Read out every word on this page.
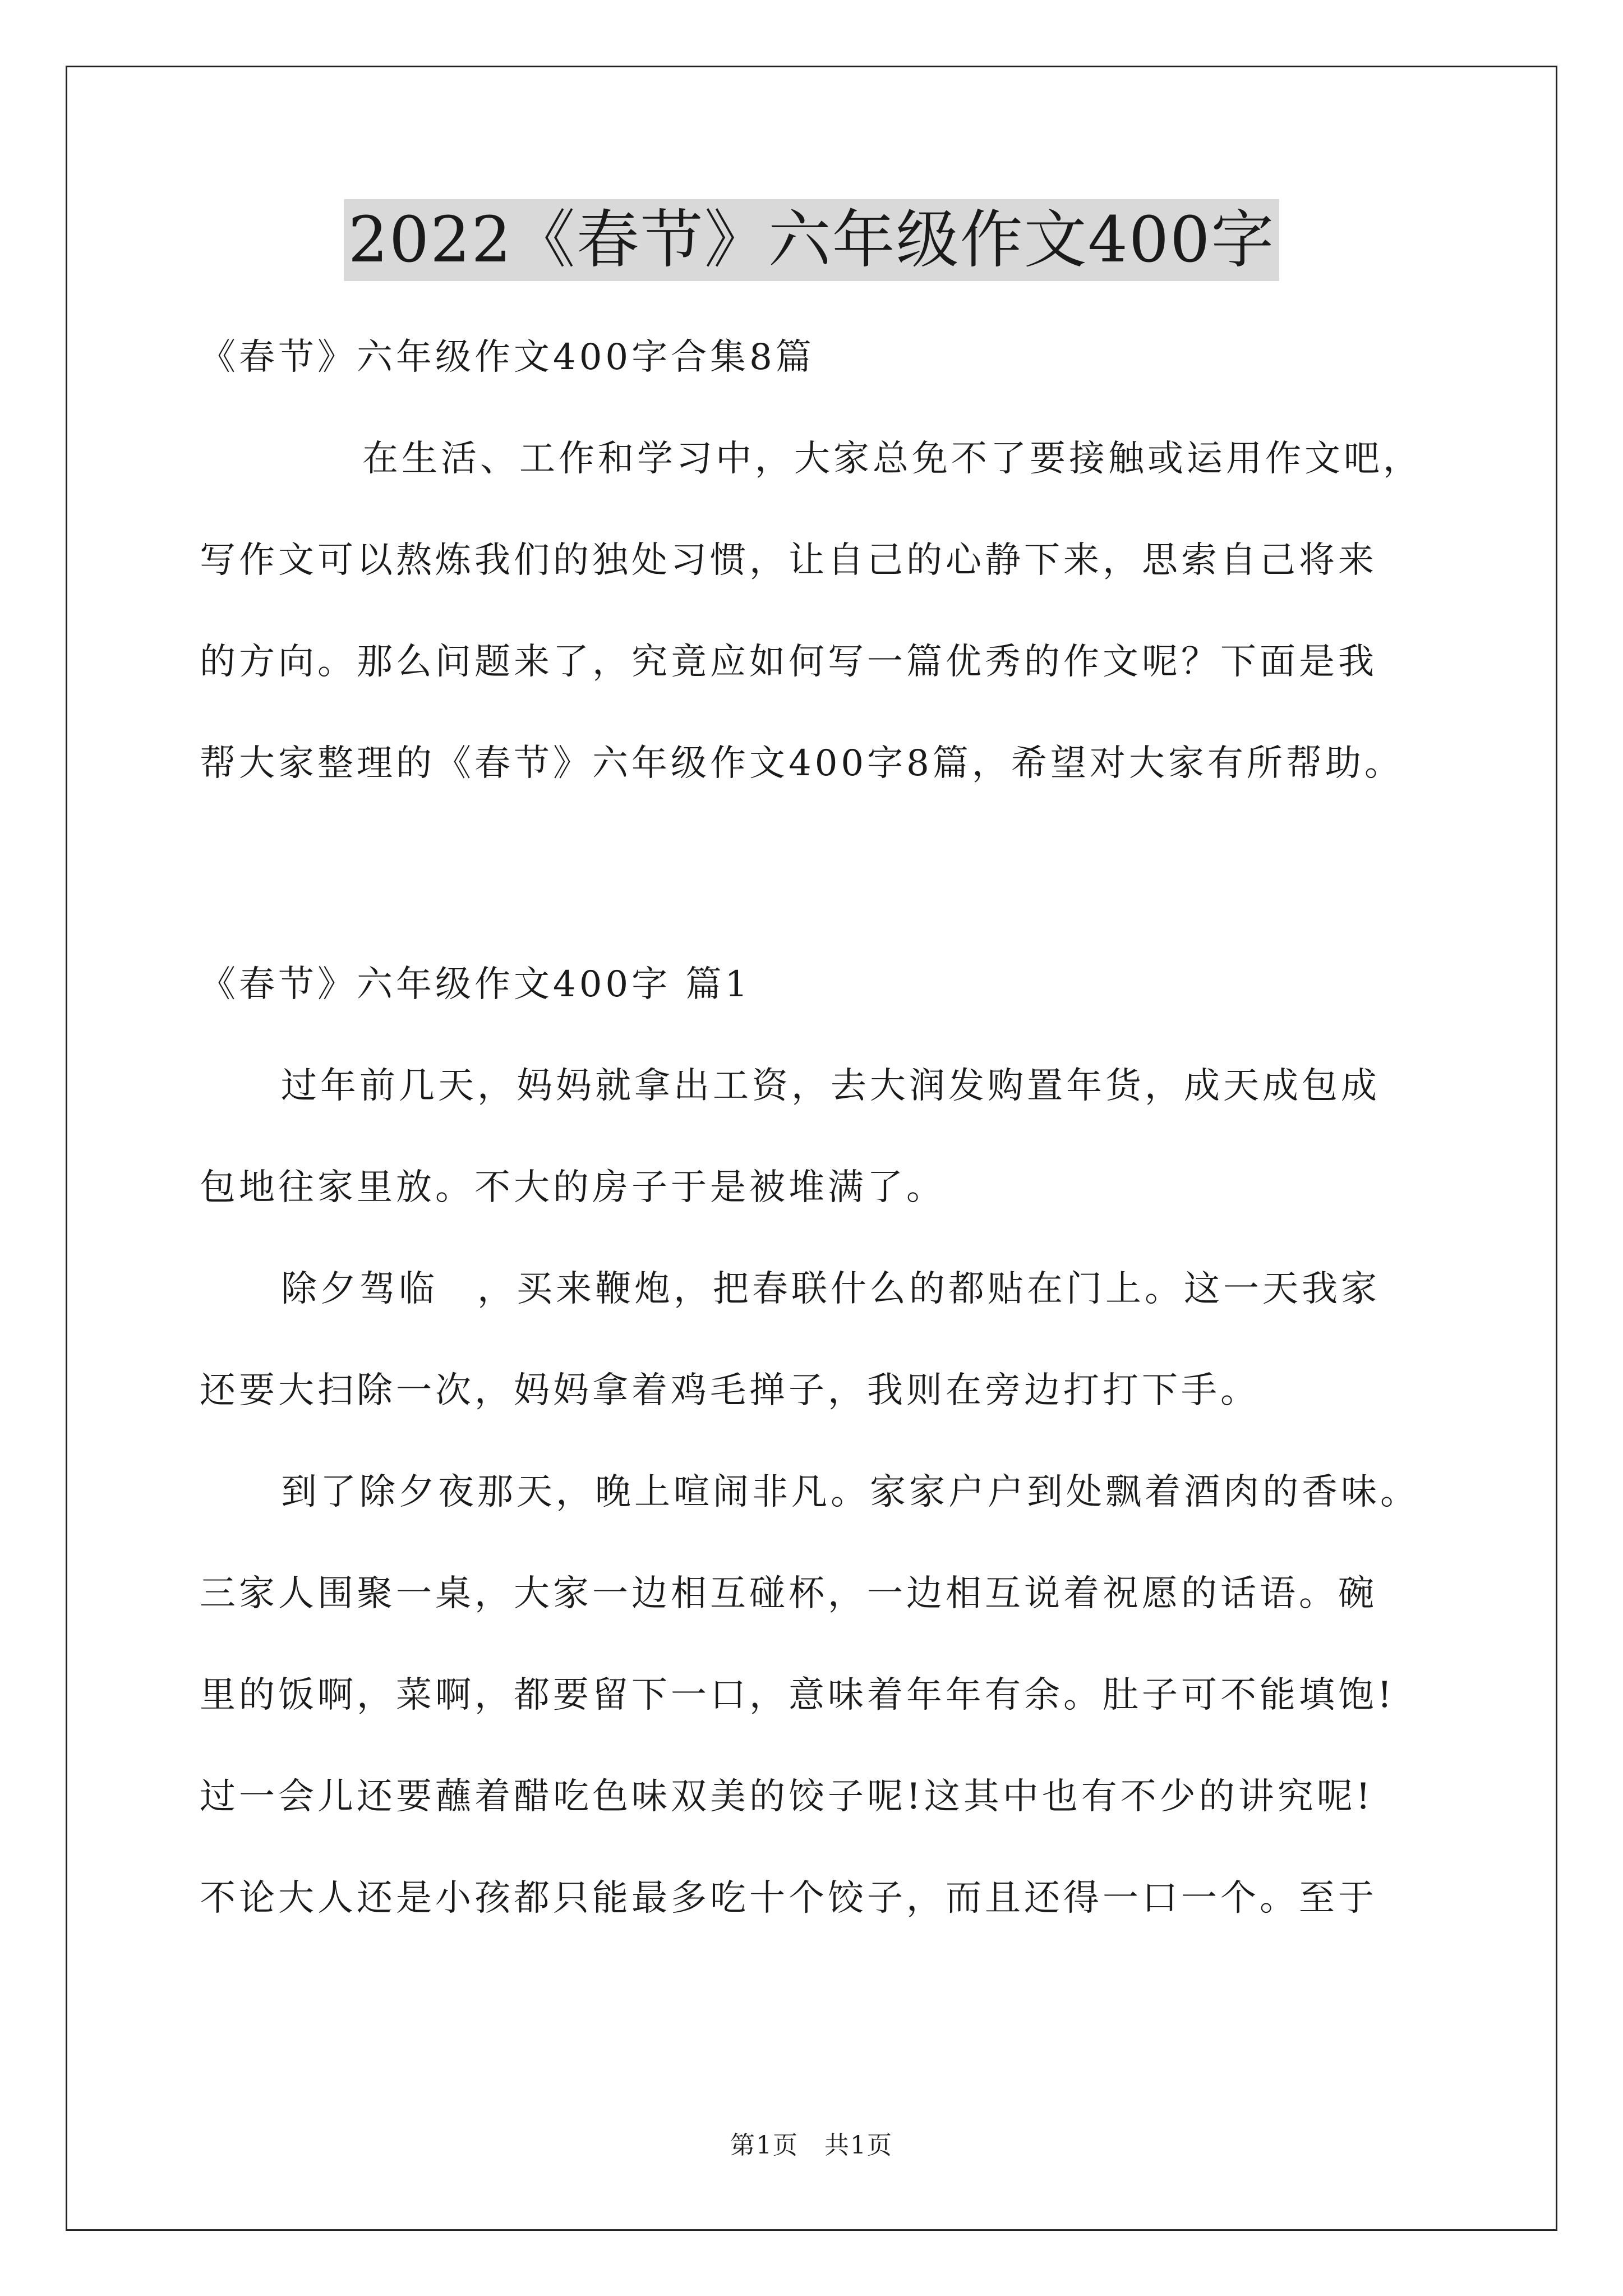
2022《春节》六年级作文400字
《春节》六年级作文400字合集8篇
在生活、工作和学习中，大家总免不了要接触或运用作文吧，
写作文可以熬炼我们的独处习惯，让自己的心静下来，思索自己将来
的方向。那么问题来了，究竟应如何写一篇优秀的作文呢？下面是我
帮大家整理的《春节》六年级作文400字8篇，希望对大家有所帮助。
《春节》六年级作文400字 篇1
过年前几天，妈妈就拿出工资，去大润发购置年货，成天成包成
包地往家里放。不大的房子于是被堆满了。
除夕驾临　，买来鞭炮，把春联什么的都贴在门上。这一天我家
还要大扫除一次，妈妈拿着鸡毛掸子，我则在旁边打打下手。
到了除夕夜那天，晚上喧闹非凡。家家户户到处飘着酒肉的香味。
三家人围聚一桌，大家一边相互碰杯，一边相互说着祝愿的话语。碗
里的饭啊，菜啊，都要留下一口，意味着年年有余。肚子可不能填饱!
过一会儿还要蘸着醋吃色味双美的饺子呢!这其中也有不少的讲究呢!
不论大人还是小孩都只能最多吃十个饺子，而且还得一口一个。至于
第1页　共1页
